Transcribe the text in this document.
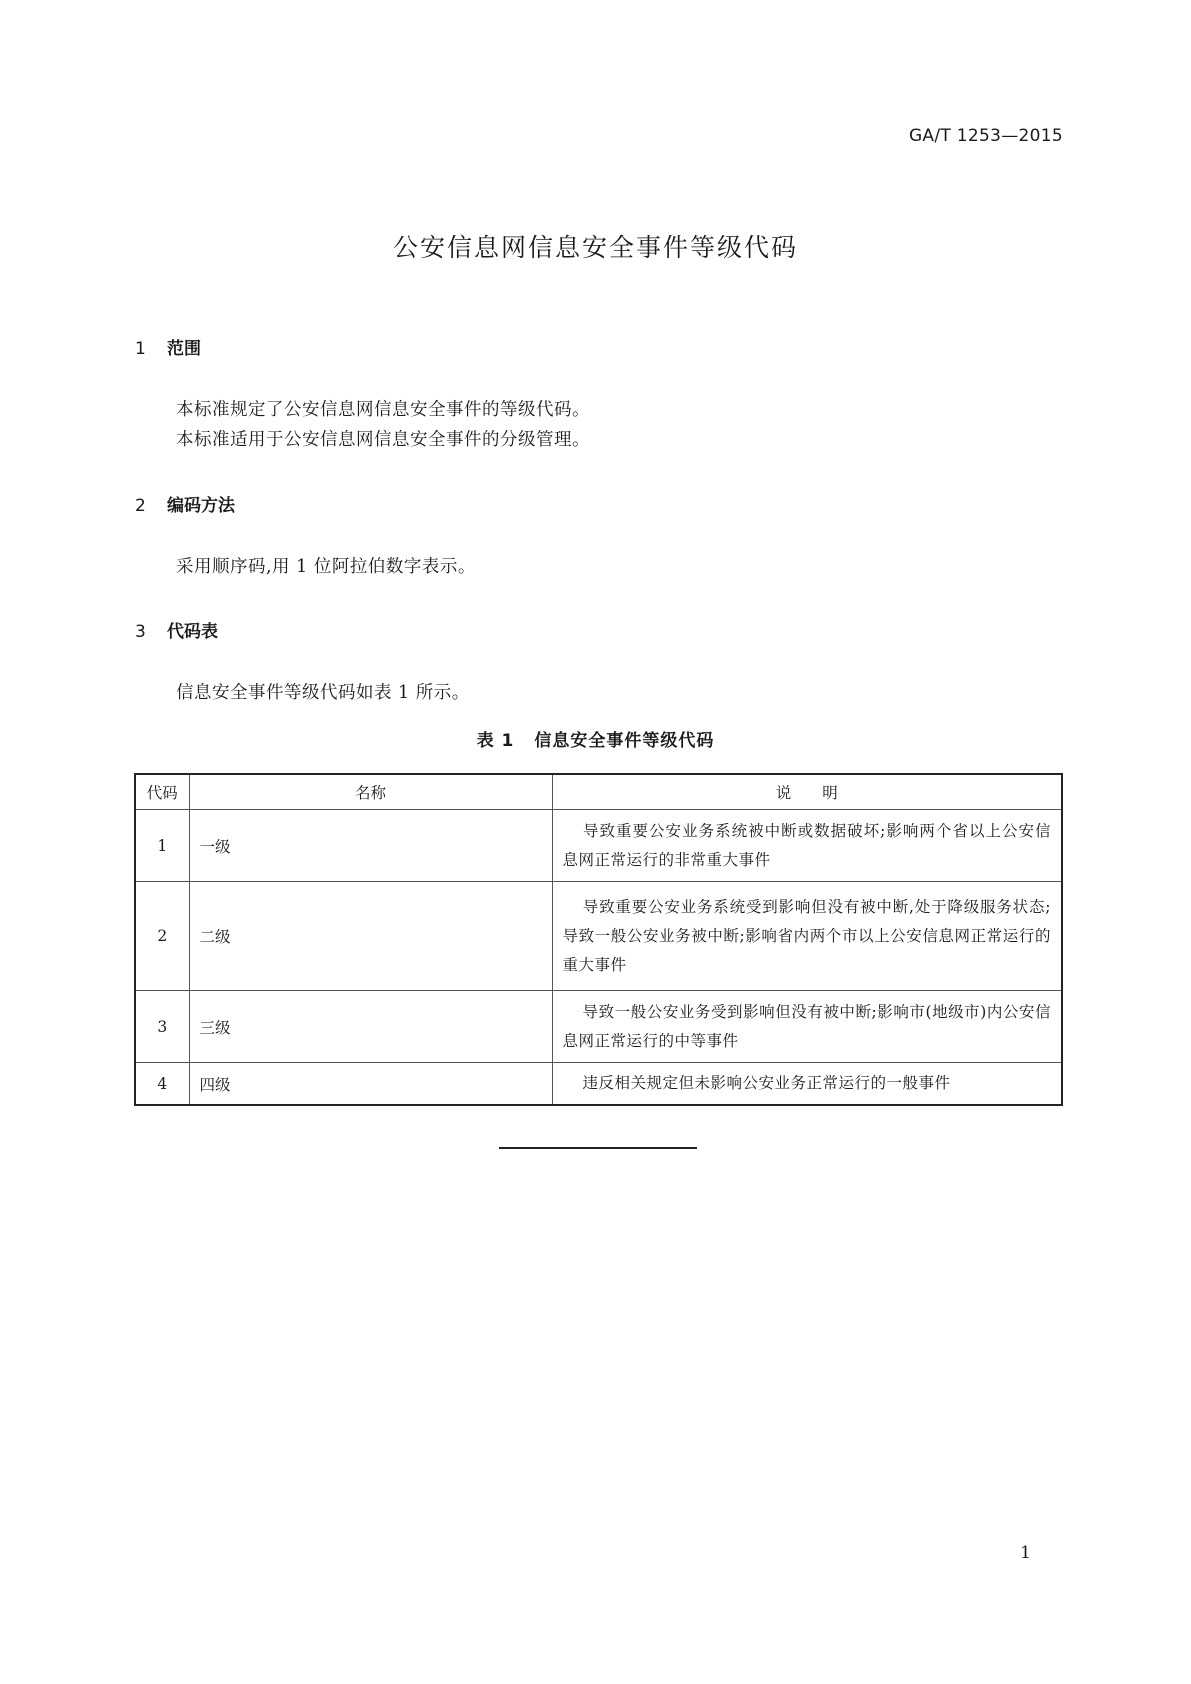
GA/T 1253—2015
公安信息网信息安全事件等级代码
1 范围
本标准规定了公安信息网信息安全事件的等级代码。
本标准适用于公安信息网信息安全事件的分级管理。
2 编码方法
采用顺序码,用 1 位阿拉伯数字表示。
3 代码表
信息安全事件等级代码如表 1 所示。
表 1 信息安全事件等级代码
代码	名称	说　　明
1	一级	导致重要公安业务系统被中断或数据破坏;影响两个省以上公安信息网正常运行的非常重大事件
2	二级	导致重要公安业务系统受到影响但没有被中断,处于降级服务状态;导致一般公安业务被中断;影响省内两个市以上公安信息网正常运行的重大事件
3	三级	导致一般公安业务受到影响但没有被中断;影响市(地级市)内公安信息网正常运行的中等事件
4	四级	违反相关规定但未影响公安业务正常运行的一般事件
1
